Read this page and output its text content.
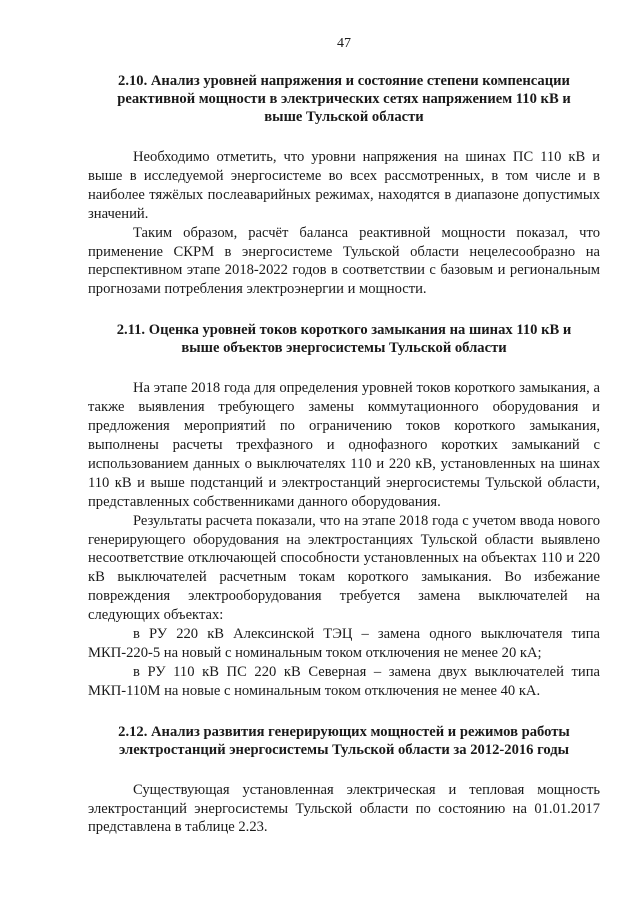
47

2.10. Анализ уровней напряжения и состояние степени компенсации

реактивной мощности в электрических сетях напряжением 110 кВ и

выше Тульской области

Необходимо отметить, что уровни напряжения на шинах ПС 110 кВ и выше в исследуемой энергосистеме во всех рассмотренных, в том числе и в наиболее тяжёлых послеаварийных режимах, находятся в диапазоне допустимых значений.

Таким образом, расчёт баланса реактивной мощности показал, что применение СКРМ в энергосистеме Тульской области нецелесообразно на перспективном этапе 2018-2022 годов в соответствии с базовым и региональным прогнозами потребления электроэнергии и мощности.

2.11. Оценка уровней токов короткого замыкания на шинах 110 кВ и

выше объектов энергосистемы Тульской области

На этапе 2018 года для определения уровней токов короткого замыкания, а также выявления требующего замены коммутационного оборудования и предложения мероприятий по ограничению токов короткого замыкания, выполнены расчеты трехфазного и однофазного коротких замыканий с использованием данных о выключателях 110 и 220 кВ, установленных на шинах 110 кВ и выше подстанций и электростанций энергосистемы Тульской области, представленных собственниками данного оборудования.

Результаты расчета показали, что на этапе 2018 года с учетом ввода нового генерирующего оборудования на электростанциях Тульской области выявлено несоответствие отключающей способности установленных на объектах 110 и 220 кВ выключателей расчетным токам короткого замыкания. Во избежание повреждения электрооборудования требуется замена выключателей на следующих объектах:

в РУ 220 кВ Алексинской ТЭЦ – замена одного выключателя типа МКП-220-5 на новый с номинальным током отключения не менее 20 кА;

в РУ 110 кВ ПС 220 кВ Северная – замена двух выключателей типа МКП-110М на новые с номинальным током отключения не менее 40 кА.

2.12. Анализ развития генерирующих мощностей и режимов работы

электростанций энергосистемы Тульской области за 2012-2016 годы

Существующая установленная электрическая и тепловая мощность электростанций энергосистемы Тульской области по состоянию на 01.01.2017 представлена в таблице 2.23.
